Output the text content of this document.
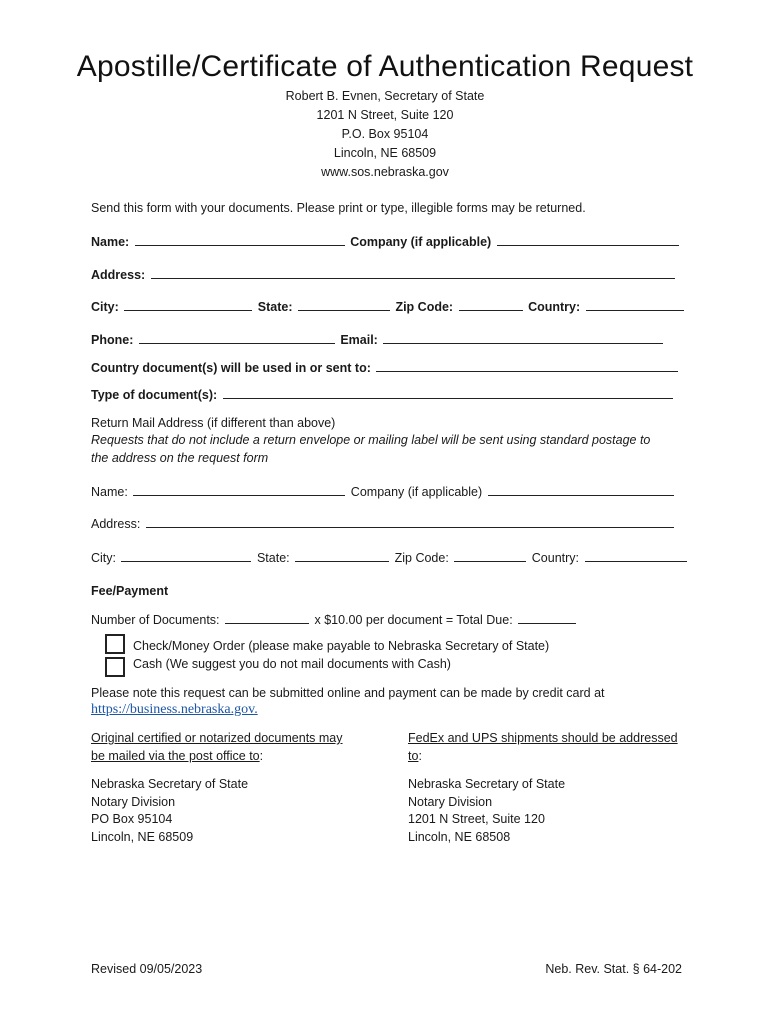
Apostille/Certificate of Authentication Request
Robert B. Evnen, Secretary of State
1201 N Street, Suite 120
P.O. Box 95104
Lincoln, NE 68509
www.sos.nebraska.gov
Send this form with your documents. Please print or type, illegible forms may be returned.
Name:	Company (if applicable)
Address:
City:	State:	Zip Code:	Country:
Phone:	Email:
Country document(s) will be used in or sent to:
Type of document(s):
Return Mail Address (if different than above)
Requests that do not include a return envelope or mailing label will be sent using standard postage to
the address on the request form
Name:	Company (if applicable)
Address:
City:	State:	Zip Code:	Country:
Fee/Payment
Number of Documents:	x $10.00 per document = Total Due:
Check/Money Order (please make payable to Nebraska Secretary of State)
Cash (We suggest you do not mail documents with Cash)
Please note this request can be submitted online and payment can be made by credit card at
https://business.nebraska.gov.
Original certified or notarized documents may
be mailed via the post office to:
Nebraska Secretary of State
Notary Division
PO Box 95104
Lincoln, NE 68509
FedEx and UPS shipments should be addressed
to:
Nebraska Secretary of State
Notary Division
1201 N Street, Suite 120
Lincoln, NE 68508
Revised 09/05/2023	Neb. Rev. Stat. § 64-202
